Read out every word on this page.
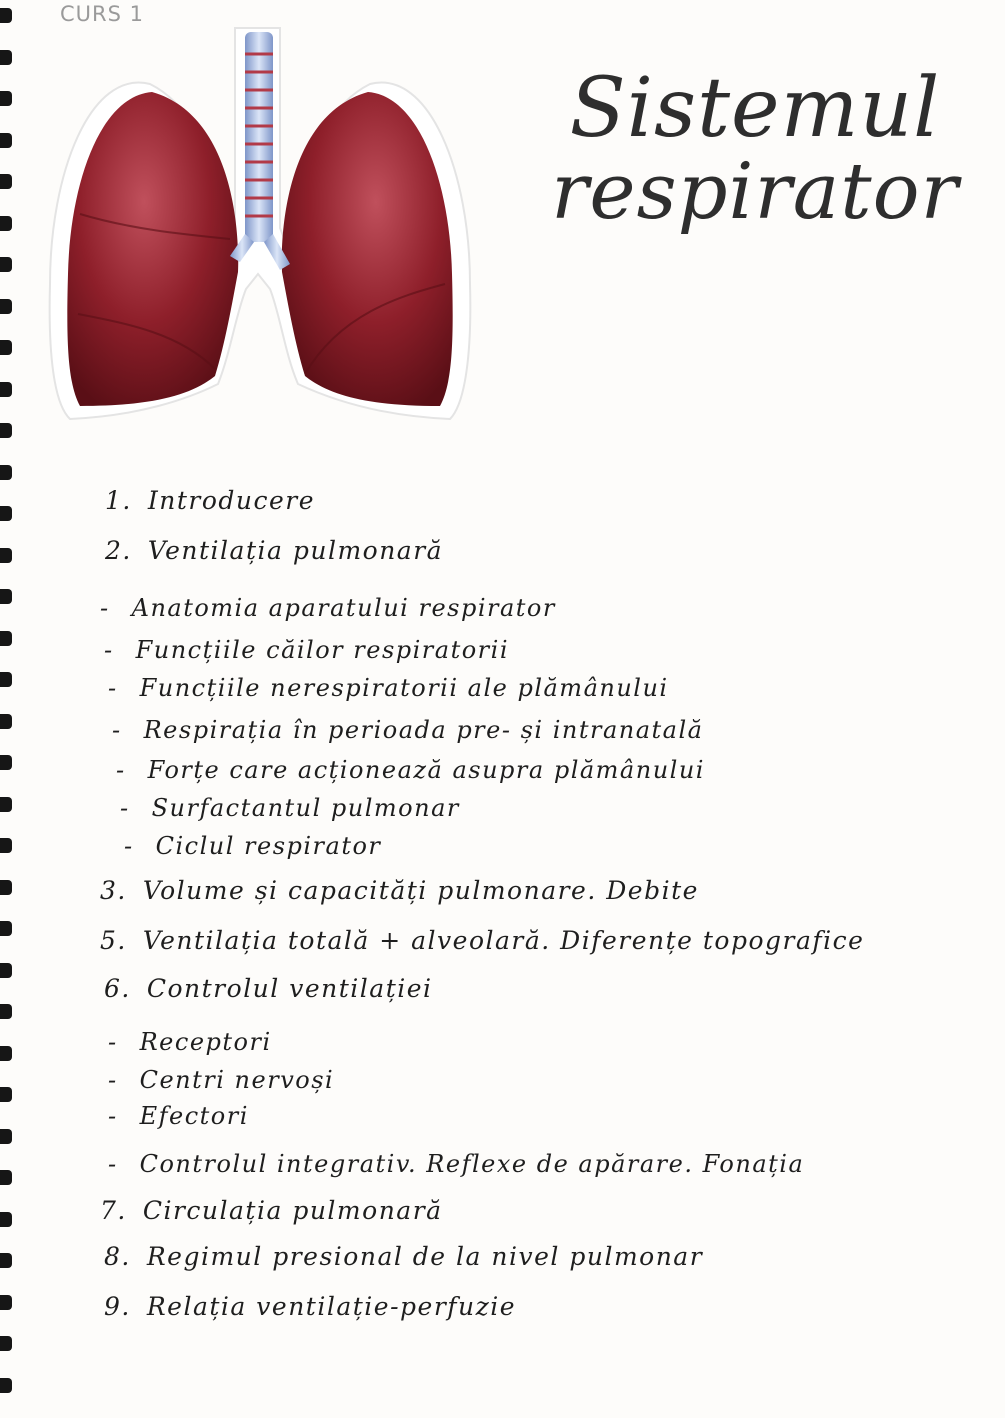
CURS 1
Sistemul
respirator
1. Introducere
2. Ventilația pulmonară
- Anatomia aparatului respirator
- Funcțiile căilor respiratorii
- Funcțiile nerespiratorii ale plămânului
- Respirația în perioada pre- și intranatală
- Forțe care acționează asupra plămânului
- Surfactantul pulmonar
- Ciclul respirator
3. Volume și capacități pulmonare. Debite
5. Ventilația totală + alveolară. Diferențe topografice
6. Controlul ventilației
- Receptori
- Centri nervoși
- Efectori
- Controlul integrativ. Reflexe de apărare. Fonația
7. Circulația pulmonară
8. Regimul presional de la nivel pulmonar
9. Relația ventilație-perfuzie
